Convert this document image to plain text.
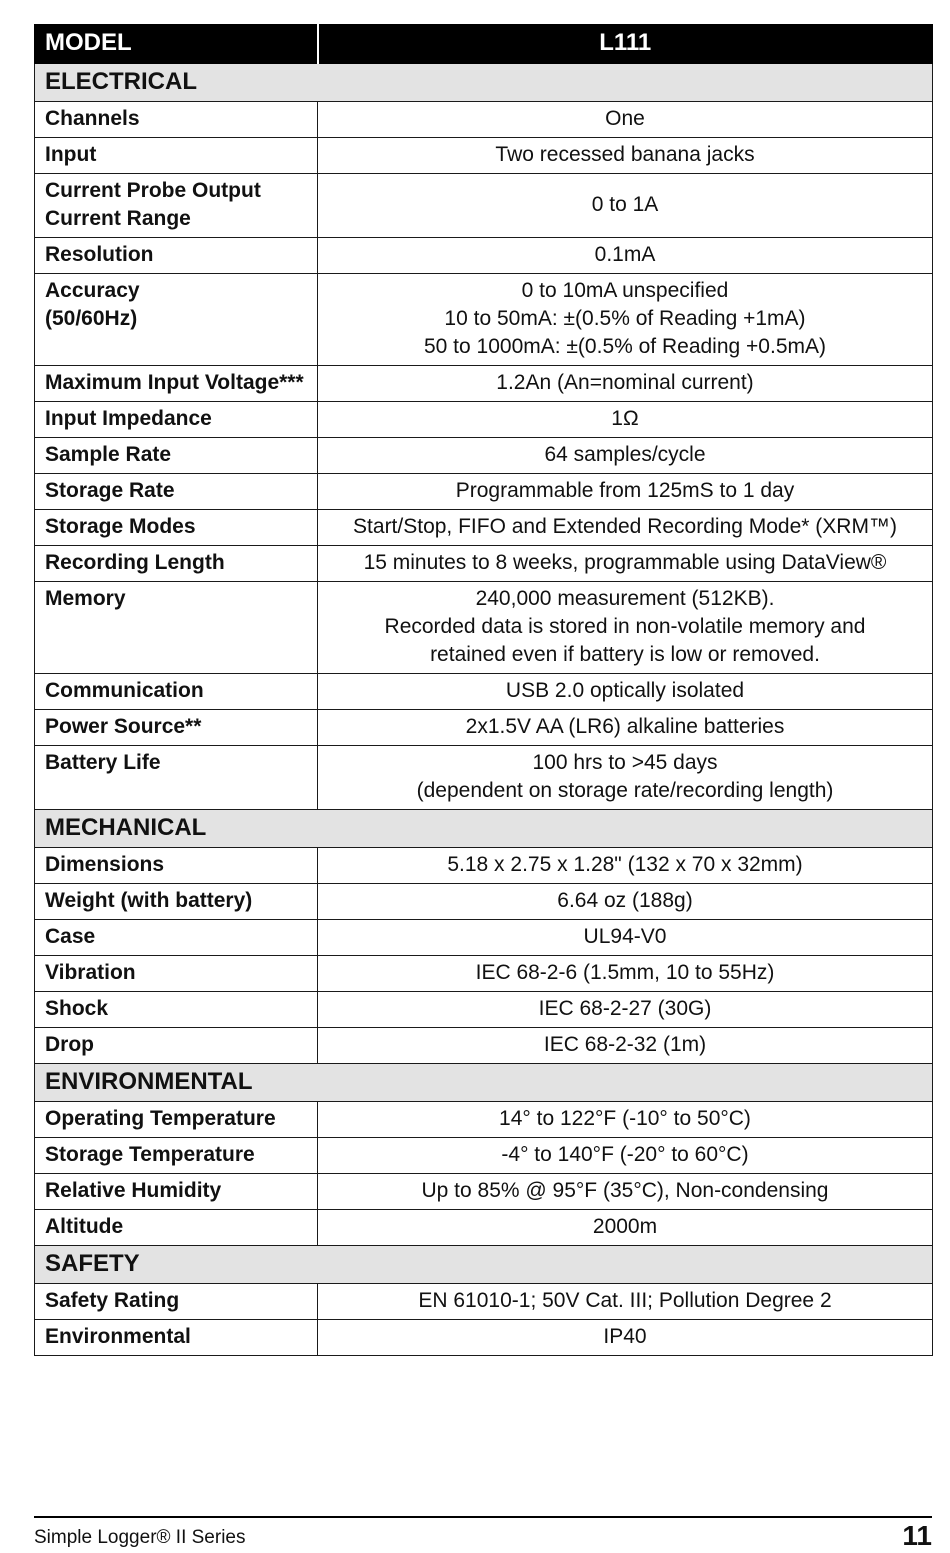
MODEL	L111
ELECTRICAL	
Channels	One
Input	Two recessed banana jacks
Current Probe Output
Current Range	0 to 1A
Resolution	0.1mA
Accuracy
(50/60Hz)	0 to 10mA unspecified
10 to 50mA: ±(0.5% of Reading +1mA)
50 to 1000mA: ±(0.5% of Reading +0.5mA)
Maximum Input Voltage***	1.2An (An=nominal current)
Input Impedance	1Ω
Sample Rate	64 samples/cycle
Storage Rate	Programmable from 125mS to 1 day
Storage Modes	Start/Stop, FIFO and Extended Recording Mode* (XRM™)
Recording Length	15 minutes to 8 weeks, programmable using DataView®
Memory	240,000 measurement (512KB).
Recorded data is stored in non-volatile memory and
retained even if battery is low or removed.
Communication	USB 2.0 optically isolated
Power Source**	2x1.5V AA (LR6) alkaline batteries
Battery Life	100 hrs to >45 days
(dependent on storage rate/recording length)
MECHANICAL	
Dimensions	5.18 x 2.75 x 1.28" (132 x 70 x 32mm)
Weight (with battery)	6.64 oz (188g)
Case	UL94-V0
Vibration	IEC 68-2-6 (1.5mm, 10 to 55Hz)
Shock	IEC 68-2-27 (30G)
Drop	IEC 68-2-32 (1m)
ENVIRONMENTAL	
Operating Temperature	14° to 122°F (-10° to 50°C)
Storage Temperature	-4° to 140°F (-20° to 60°C)
Relative Humidity	Up to 85% @ 95°F (35°C), Non-condensing
Altitude	2000m
SAFETY	
Safety Rating	EN 61010-1; 50V Cat. III; Pollution Degree 2
Environmental	IP40
Simple Logger® II Series	11
